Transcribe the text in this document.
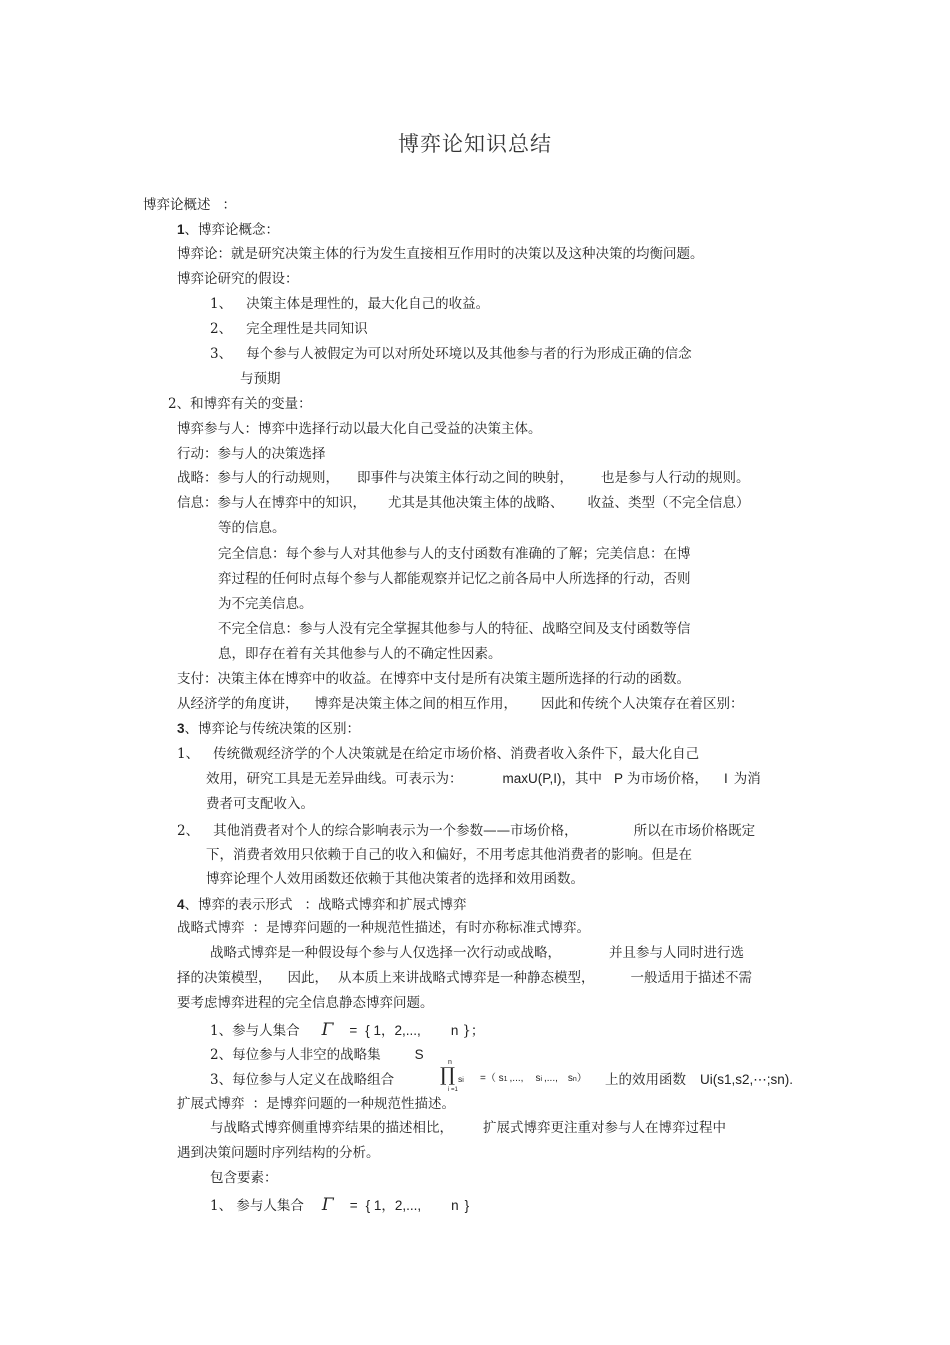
博弈论知识总结
博弈论概述 ：
1、博弈论概念：
博弈论：就是研究决策主体的行为发生直接相互作用时的决策以及这种决策的均衡问题。
博弈论研究的假设：
1、 决策主体是理性的，最大化自己的收益。
2、 完全理性是共同知识
3、 每个参与人被假定为可以对所处环境以及其他参与者的行为形成正确的信念
与预期
2、和博弈有关的变量：
博弈参与人：博弈中选择行动以最大化自己受益的决策主体。
行动：参与人的决策选择
战略：参与人的行动规则， 即事件与决策主体行动之间的映射， 也是参与人行动的规则。
信息：参与人在博弈中的知识， 尤其是其他决策主体的战略、 收益、类型（不完全信息）
等的信息。
完全信息：每个参与人对其他参与人的支付函数有准确的了解；完美信息：在博
弈过程的任何时点每个参与人都能观察并记忆之前各局中人所选择的行动，否则
为不完美信息。
不完全信息：参与人没有完全掌握其他参与人的特征、战略空间及支付函数等信
息，即存在着有关其他参与人的不确定性因素。
支付：决策主体在博弈中的收益。在博弈中支付是所有决策主题所选择的行动的函数。
从经济学的角度讲， 博弈是决策主体之间的相互作用， 因此和传统个人决策存在着区别：
3、博弈论与传统决策的区别：
1、 传统微观经济学的个人决策就是在给定市场价格、消费者收入条件下，最大化自己
效用，研究工具是无差异曲线。可表示为：	maxU(P,I)，其中 P 为市场价格， I 为消
费者可支配收入。
2、 其他消费者对个人的综合影响表示为一个参数——市场价格，	所以在市场价格既定
下，消费者效用只依赖于自己的收入和偏好，不用考虑其他消费者的影响。但是在
博弈论理个人效用函数还依赖于其他决策者的选择和效用函数。
4、博弈的表示形式 ：战略式博弈和扩展式博弈
战略式博弈 ：是博弈问题的一种规范性描述，有时亦称标准式博弈。
战略式博弈是一种假设每个参与人仅选择一次行动或战略，	并且参与人同时进行选
择的决策模型， 因此， 从本质上来讲战略式博弈是一种静态模型，	一般适用于描述不需
要考虑博弈进程的完全信息静态博弈问题。
1、参与人集合 Γ = { 1，2,..., n }；
2、每位参与人非空的战略集	S
n
3、每位参与人定义在战略组合 ∏ si
i =1
=（ s1 ,..., si ,..., sn） 上的效用函数 Ui(s1,s2,⋯;sn).
扩展式博弈 ：是博弈问题的一种规范性描述。
与战略式博弈侧重博弈结果的描述相比， 扩展式博弈更注重对参与人在博弈过程中
遇到决策问题时序列结构的分析。
包含要素：
1、 参与人集合 Γ = { 1，2,..., n }
